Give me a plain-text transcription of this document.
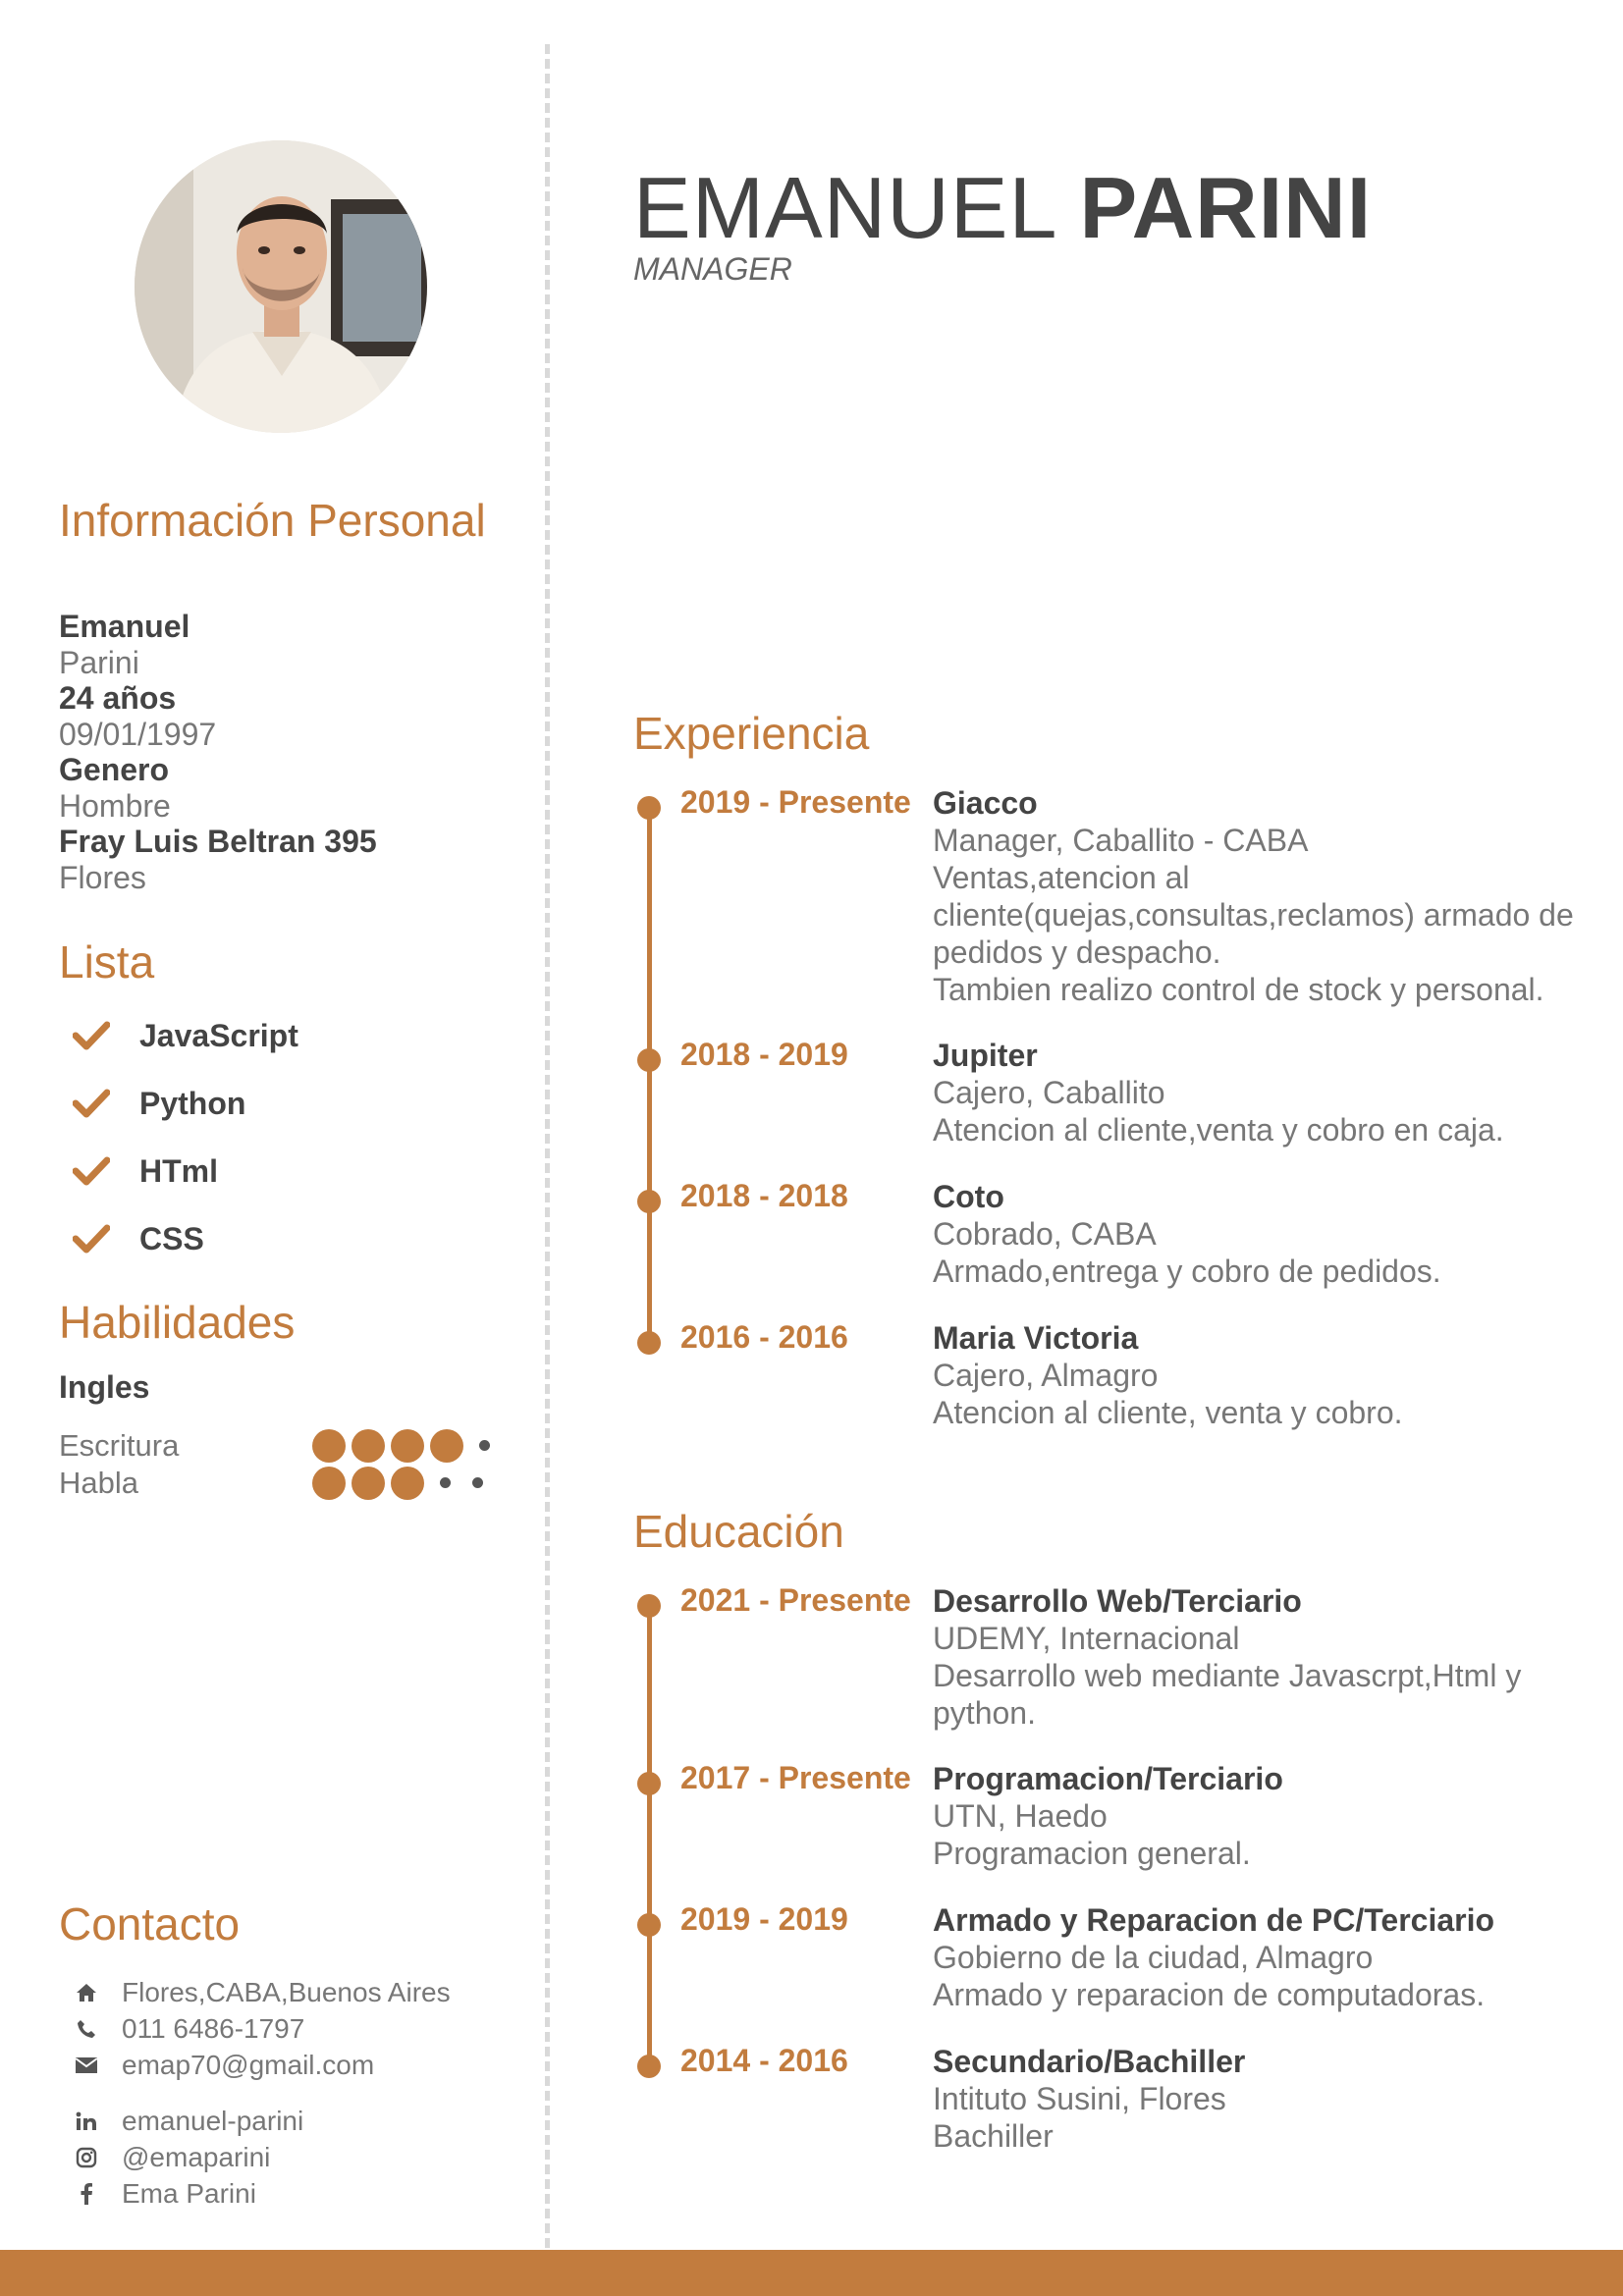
EMANUEL PARINI
MANAGER
Información Personal
Emanuel
Parini
24 años
09/01/1997
Genero
Hombre
Fray Luis Beltran 395
Flores
Lista
JavaScript
Python
HTml
CSS
Habilidades
Ingles
Escritura
Habla
Contacto
Flores,CABA,Buenos Aires
011 6486-1797
emap70@gmail.com
emanuel-parini
@emaparini
Ema Parini
Experiencia
2019 - Presente Giacco
Manager, Caballito - CABA
Ventas,atencion al
cliente(quejas,consultas,reclamos) armado de
pedidos y despacho.
Tambien realizo control de stock y personal.
2018 - 2019	Jupiter
Cajero, Caballito
Atencion al cliente,venta y cobro en caja.
2018 - 2018	Coto
Cobrado, CABA
Armado,entrega y cobro de pedidos.
2016 - 2016	Maria Victoria
Cajero, Almagro
Atencion al cliente, venta y cobro.
Educación
2021 - Presente Desarrollo Web/Terciario
UDEMY, Internacional
Desarrollo web mediante Javascrpt,Html y
python.
2017 - Presente Programacion/Terciario
UTN, Haedo
Programacion general.
2019 - 2019	Armado y Reparacion de PC/Terciario
Gobierno de la ciudad, Almagro
Armado y reparacion de computadoras.
2014 - 2016	Secundario/Bachiller
Intituto Susini, Flores
Bachiller
